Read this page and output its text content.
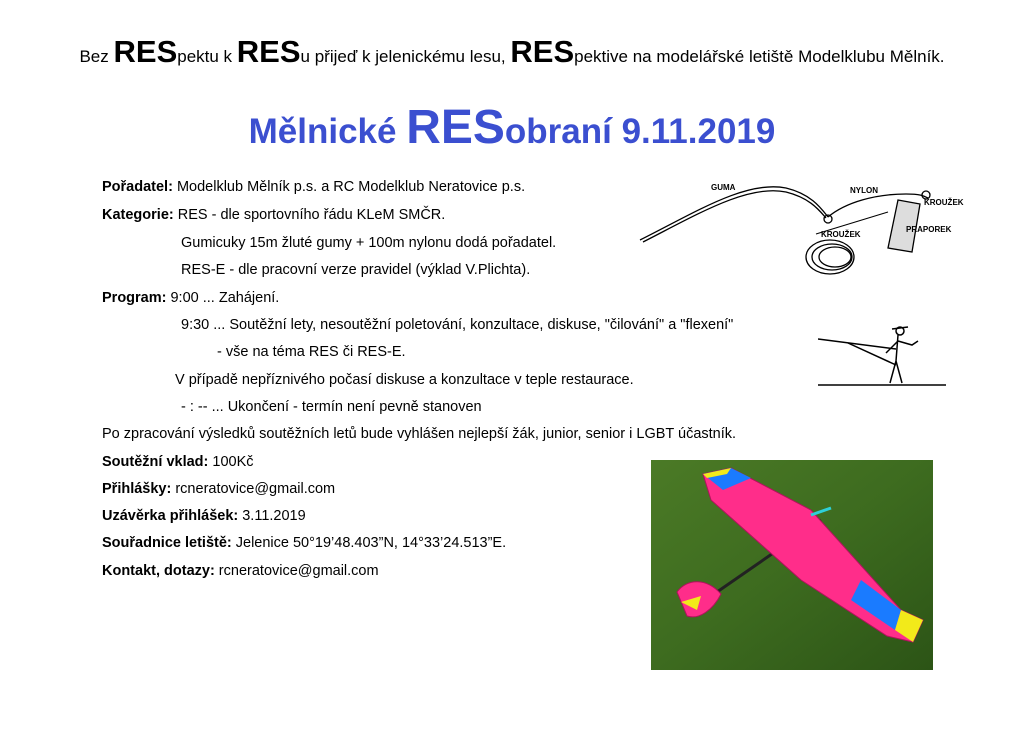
Bez RESpektu k RESu přijeď k jelenickému lesu, RESpektive na modelářské letiště Modelklubu Mělník.
Mělnické RESobraní 9.11.2019
Pořadatel: Modelklub Mělník p.s. a RC Modelklub Neratovice p.s.
Kategorie: RES - dle sportovního řádu KLeM SMČR.
Gumicuky 15m žluté gumy + 100m nylonu dodá pořadatel.
RES-E - dle pracovní verze pravidel (výklad V.Plichta).
Program: 9:00 ... Zahájení.
9:30 ... Soutěžní lety, nesoutěžní poletování, konzultace, diskuse, "čilování" a "flexení"
- vše na téma RES či RES-E.
V případě nepříznivého počasí diskuse a konzultace v teple restaurace.
- : -- ... Ukončení - termín není pevně stanoven
Po zpracování výsledků soutěžních letů bude vyhlášen nejlepší žák, junior, senior i LGBT účastník.
Soutěžní vklad: 100Kč
Přihlášky: rcneratovice@gmail.com
Uzávěrka přihlášek: 3.11.2019
Souřadnice letiště: Jelenice 50°19’48.403”N, 14°33’24.513”E.
Kontakt, dotazy: rcneratovice@gmail.com
GUMA	NYLON
KROUŽEK
KROUŽEK
PRAPOREK
